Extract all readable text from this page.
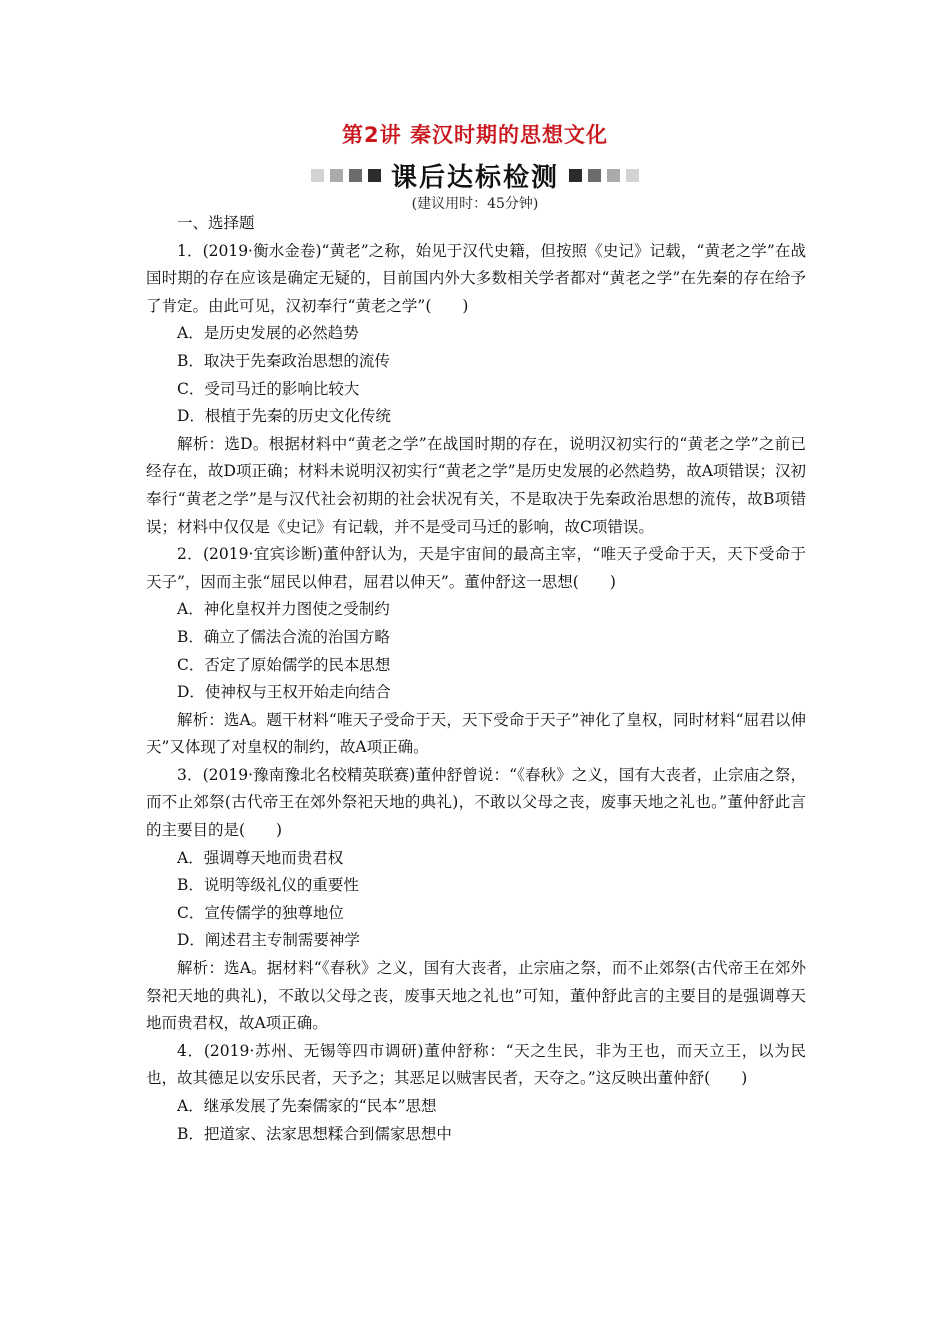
第2讲 秦汉时期的思想文化
课后达标检测
(建议用时：45分钟)

一、选择题

1．(2019·衡水金卷)“黄老”之称，始见于汉代史籍，但按照《史记》记载，“黄老之学”在战国时期的存在应该是确定无疑的，目前国内外大多数相关学者都对“黄老之学”在先秦的存在给予了肯定。由此可见，汉初奉行“黄老之学”(　　)

A．是历史发展的必然趋势

B．取决于先秦政治思想的流传

C．受司马迁的影响比较大

D．根植于先秦的历史文化传统

解析：选D。根据材料中“黄老之学”在战国时期的存在，说明汉初实行的“黄老之学”之前已经存在，故D项正确；材料未说明汉初实行“黄老之学”是历史发展的必然趋势，故A项错误；汉初奉行“黄老之学”是与汉代社会初期的社会状况有关，不是取决于先秦政治思想的流传，故B项错误；材料中仅仅是《史记》有记载，并不是受司马迁的影响，故C项错误。

2．(2019·宜宾诊断)董仲舒认为，天是宇宙间的最高主宰，“唯天子受命于天，天下受命于天子”，因而主张“屈民以伸君，屈君以伸天”。董仲舒这一思想(　　)

A．神化皇权并力图使之受制约

B．确立了儒法合流的治国方略

C．否定了原始儒学的民本思想

D．使神权与王权开始走向结合

解析：选A。题干材料“唯天子受命于天，天下受命于天子”神化了皇权，同时材料“屈君以伸天”又体现了对皇权的制约，故A项正确。

3．(2019·豫南豫北名校精英联赛)董仲舒曾说：“《春秋》之义，国有大丧者，止宗庙之祭，而不止郊祭(古代帝王在郊外祭祀天地的典礼)，不敢以父母之丧，废事天地之礼也。”董仲舒此言的主要目的是(　　)

A．强调尊天地而贵君权

B．说明等级礼仪的重要性

C．宣传儒学的独尊地位

D．阐述君主专制需要神学

解析：选A。据材料“《春秋》之义，国有大丧者，止宗庙之祭，而不止郊祭(古代帝王在郊外祭祀天地的典礼)，不敢以父母之丧，废事天地之礼也”可知，董仲舒此言的主要目的是强调尊天地而贵君权，故A项正确。

4．(2019·苏州、无锡等四市调研)董仲舒称：“天之生民，非为王也，而天立王，以为民也，故其德足以安乐民者，天予之；其恶足以贼害民者，天夺之。”这反映出董仲舒(　　)

A．继承发展了先秦儒家的“民本”思想

B．把道家、法家思想糅合到儒家思想中
